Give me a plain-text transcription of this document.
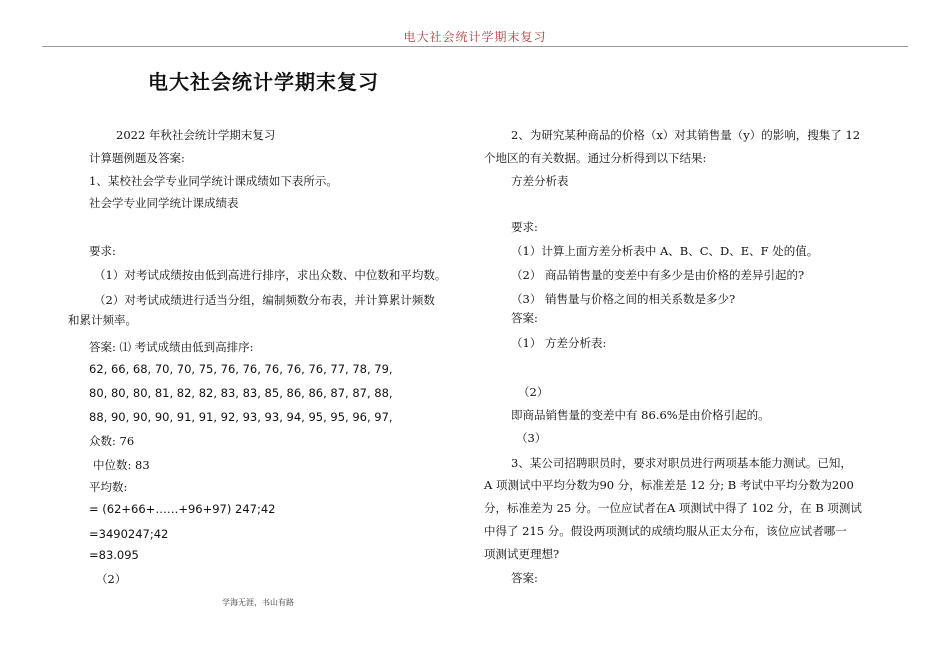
电大社会统计学期末复习
电大社会统计学期末复习
2022 年秋社会统计学期末复习
计算题例题及答案:
1、某校社会学专业同学统计课成绩如下表所示。
社会学专业同学统计课成绩表
要求:
（1）对考试成绩按由低到高进行排序，求出众数、中位数和平均数。
（2）对考试成绩进行适当分组，编制频数分布表，并计算累计频数
和累计频率。
答案: ⑴ 考试成绩由低到高排序:
62, 66, 68, 70, 70, 75, 76, 76, 76, 76, 76, 77, 78, 79,
80, 80, 80, 81, 82, 82, 83, 83, 85, 86, 86, 87, 87, 88,
88, 90, 90, 90, 91, 91, 92, 93, 93, 94, 95, 95, 96, 97,
众数: 76
中位数: 83
平均数:
= (62+66+……+96+97) 247;42
=3490247;42
=83.095
（2）
2、为研究某种商品的价格（x）对其销售量（y）的影响，搜集了 12
个地区的有关数据。通过分析得到以下结果:
方差分析表
要求:
（1）计算上面方差分析表中 A、B、C、D、E、F 处的值。
（2） 商品销售量的变差中有多少是由价格的差异引起的?
（3） 销售量与价格之间的相关系数是多少?
答案:
（1） 方差分析表:
（2）
即商品销售量的变差中有 86.6%是由价格引起的。
（3）
3、某公司招聘职员时，要求对职员进行两项基本能力测试。已知，
A 项测试中平均分数为90 分，标准差是 12 分; B 考试中平均分数为200
分，标准差为 25 分。一位应试者在A 项测试中得了 102 分，在 B 项测试
中得了 215 分。假设两项测试的成绩均服从正太分布，该位应试者哪一
项测试更理想?
答案:
学海无涯，书山有路
